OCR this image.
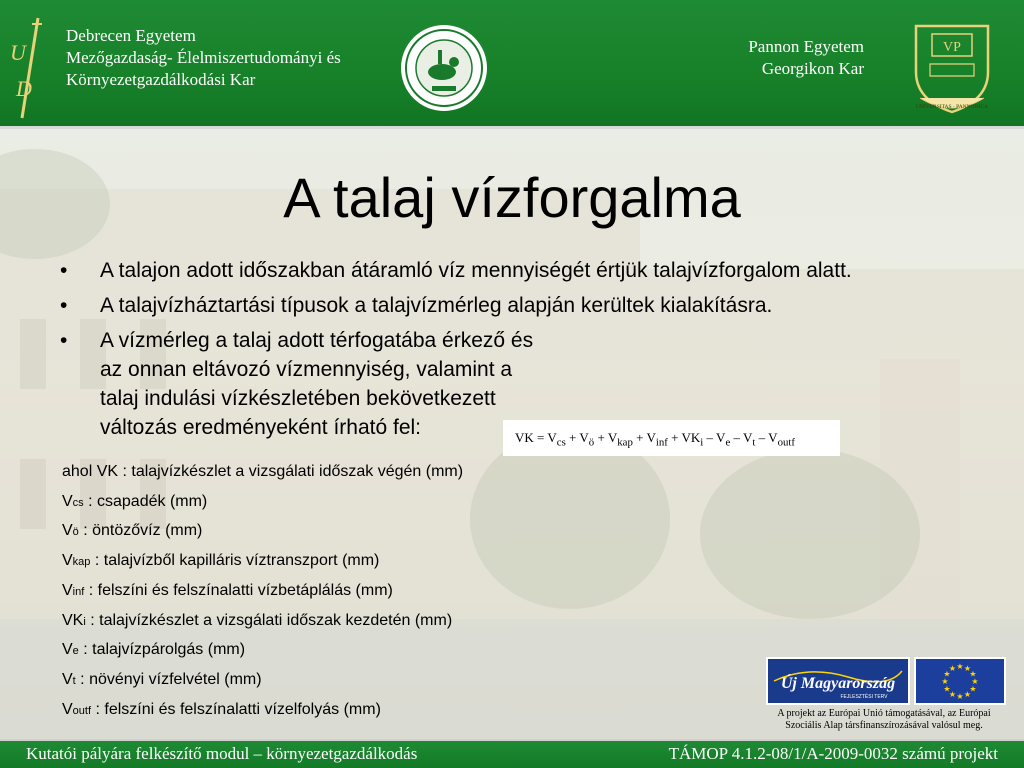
U
D
Debrecen Egyetem
Mezőgazdaság- Élelmiszertudományi és
Környezetgazdálkodási Kar
Pannon Egyetem
Georgikon Kar
VP
UNIVERSITAS · PANNONICA
A talaj vízforgalma
• A talajon adott időszakban átáramló víz mennyiségét értjük talajvízforgalom alatt.
• A talajvízháztartási típusok a talajvízmérleg alapján kerültek kialakításra.
• A vízmérleg a talaj adott térfogatába érkező és az onnan eltávozó vízmennyiség, valamint a talaj indulási vízkészletében bekövetkezett változás eredményeként írható fel:	VK = $V_{cs} + V_ö + V_{kap} + V_{inf} + VK_i - V_e - V_t - V_{outf}$
ahol VK : talajvízkészlet a vizsgálati időszak végén (mm)
Vcs : csapadék (mm)
Vö : öntözővíz (mm)
Vkap : talajvízből kapilláris víztranszport (mm)
Vinf : felszíni és felszínalatti vízbetáplálás (mm)
VKi : talajvízkészlet a vizsgálati időszak kezdetén (mm)
Ve : talajvízpárolgás (mm)
Vt : növényi vízfelvétel (mm)
Voutf : felszíni és felszínalatti vízelfolyás (mm)
Új Magyarország
FEJLESZTÉSI TERV
★ ★
★
★
★
★
★
★
★
★
★
★
A projekt az Európai Unió támogatásával, az Európai
Szociális Alap társfinanszírozásával valósul meg.
Kutatói pályára felkészítő modul – környezetgazdálkodás	TÁMOP 4.1.2-08/1/A-2009-0032 számú projekt
